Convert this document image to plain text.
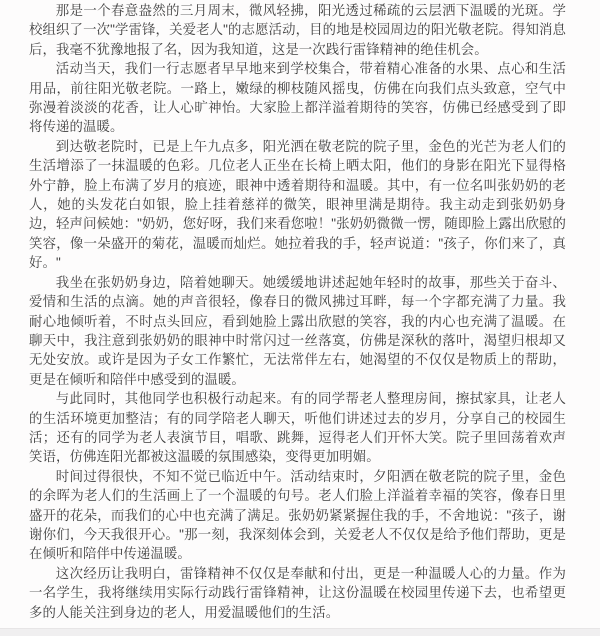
那是一个春意盎然的三月周末，微风轻拂，阳光透过稀疏的云层洒下温暖的光斑。学校组织了一次"学雷锋，关爱老人"的志愿活动，目的地是校园周边的阳光敬老院。得知消息后，我毫不犹豫地报了名，因为我知道，这是一次践行雷锋精神的绝佳机会。

活动当天，我们一行志愿者早早地来到学校集合，带着精心准备的水果、点心和生活用品，前往阳光敬老院。一路上，嫩绿的柳枝随风摇曳，仿佛在向我们点头致意，空气中弥漫着淡淡的花香，让人心旷神怡。大家脸上都洋溢着期待的笑容，仿佛已经感受到了即将传递的温暖。

到达敬老院时，已是上午九点多，阳光洒在敬老院的院子里，金色的光芒为老人们的生活增添了一抹温暖的色彩。几位老人正坐在长椅上晒太阳，他们的身影在阳光下显得格外宁静，脸上布满了岁月的痕迹，眼神中透着期待和温暖。其中，有一位名叫张奶奶的老人，她的头发花白如银，脸上挂着慈祥的微笑，眼神里满是期待。我主动走到张奶奶身边，轻声问候她："奶奶，您好呀，我们来看您啦！"张奶奶微微一愣，随即脸上露出欣慰的笑容，像一朵盛开的菊花，温暖而灿烂。她拉着我的手，轻声说道："孩子，你们来了，真好。"

我坐在张奶奶身边，陪着她聊天。她缓缓地讲述起她年轻时的故事，那些关于奋斗、爱情和生活的点滴。她的声音很轻，像春日的微风拂过耳畔，每一个字都充满了力量。我耐心地倾听着，不时点头回应，看到她脸上露出欣慰的笑容，我的内心也充满了温暖。在聊天中，我注意到张奶奶的眼神中时常闪过一丝落寞，仿佛是深秋的落叶，渴望归根却又无处安放。或许是因为子女工作繁忙，无法常伴左右，她渴望的不仅仅是物质上的帮助，更是在倾听和陪伴中感受到的温暖。

与此同时，其他同学也积极行动起来。有的同学帮老人整理房间，擦拭家具，让老人的生活环境更加整洁；有的同学陪老人聊天，听他们讲述过去的岁月，分享自己的校园生活；还有的同学为老人表演节目，唱歌、跳舞，逗得老人们开怀大笑。院子里回荡着欢声笑语，仿佛连阳光都被这温暖的氛围感染，变得更加明媚。

时间过得很快，不知不觉已临近中午。活动结束时，夕阳洒在敬老院的院子里，金色的余晖为老人们的生活画上了一个温暖的句号。老人们脸上洋溢着幸福的笑容，像春日里盛开的花朵，而我们的心中也充满了满足。张奶奶紧紧握住我的手，不舍地说："孩子，谢谢你们，今天我很开心。"那一刻，我深刻体会到，关爱老人不仅仅是给予他们帮助，更是在倾听和陪伴中传递温暖。

这次经历让我明白，雷锋精神不仅仅是奉献和付出，更是一种温暖人心的力量。作为一名学生，我将继续用实际行动践行雷锋精神，让这份温暖在校园里传递下去，也希望更多的人能关注到身边的老人，用爱温暖他们的生活。
